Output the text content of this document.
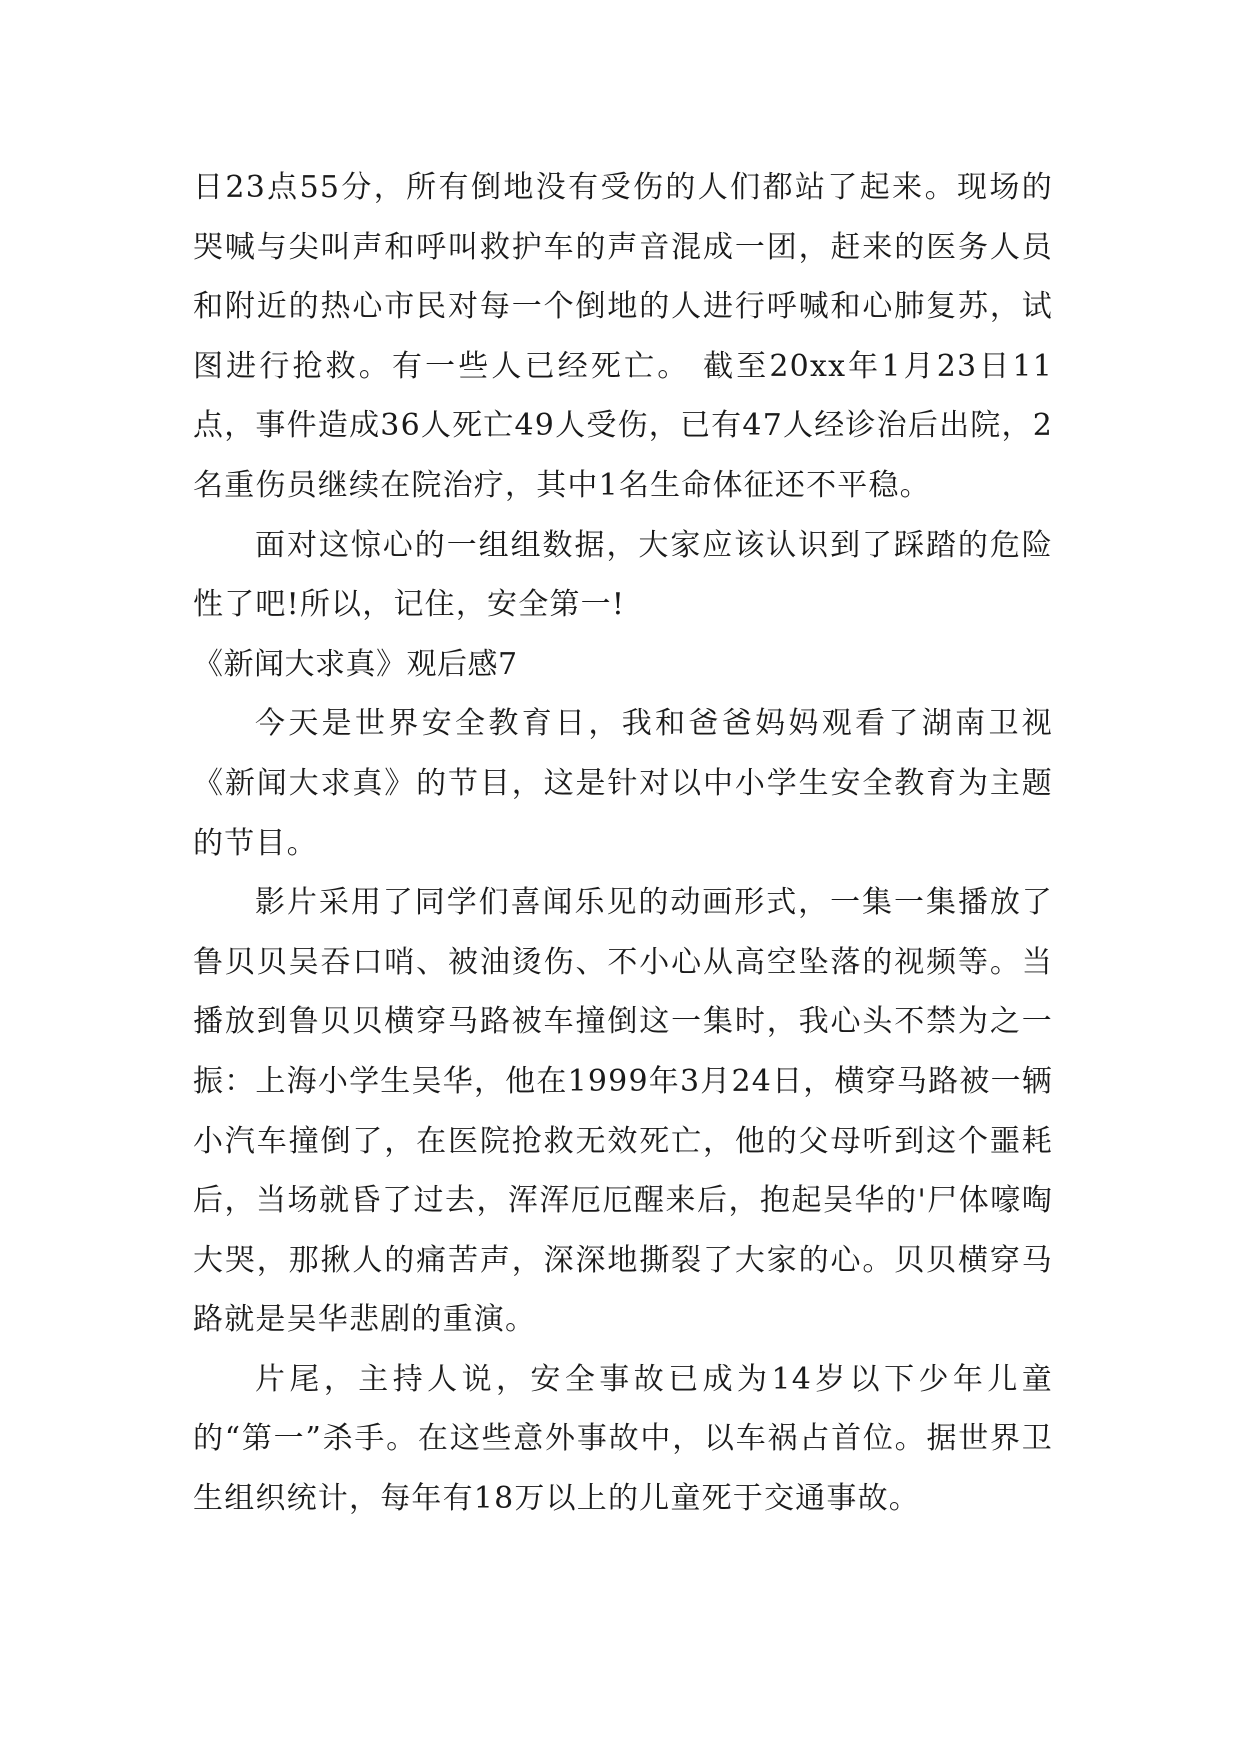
日23点55分，所有倒地没有受伤的人们都站了起来。现场的哭喊与尖叫声和呼叫救护车的声音混成一团，赶来的医务人员和附近的热心市民对每一个倒地的人进行呼喊和心肺复苏，试图进行抢救。有一些人已经死亡。 截至20xx年1月23日11点，事件造成36人死亡49人受伤，已有47人经诊治后出院，2名重伤员继续在院治疗，其中1名生命体征还不平稳。

面对这惊心的一组组数据，大家应该认识到了踩踏的危险性了吧!所以，记住，安全第一!

《新闻大求真》观后感7

今天是世界安全教育日，我和爸爸妈妈观看了湖南卫视《新闻大求真》的节目，这是针对以中小学生安全教育为主题的节目。

影片采用了同学们喜闻乐见的动画形式，一集一集播放了鲁贝贝吴吞口哨、被油烫伤、不小心从高空坠落的视频等。当播放到鲁贝贝横穿马路被车撞倒这一集时，我心头不禁为之一振：上海小学生吴华，他在1999年3月24日，横穿马路被一辆小汽车撞倒了，在医院抢救无效死亡，他的父母听到这个噩耗后，当场就昏了过去，浑浑厄厄醒来后，抱起吴华的'尸体嚎啕大哭，那揪人的痛苦声，深深地撕裂了大家的心。贝贝横穿马路就是吴华悲剧的重演。

片尾，主持人说，安全事故已成为14岁以下少年儿童的“第一”杀手。在这些意外事故中，以车祸占首位。据世界卫生组织统计，每年有18万以上的儿童死于交通事故。
